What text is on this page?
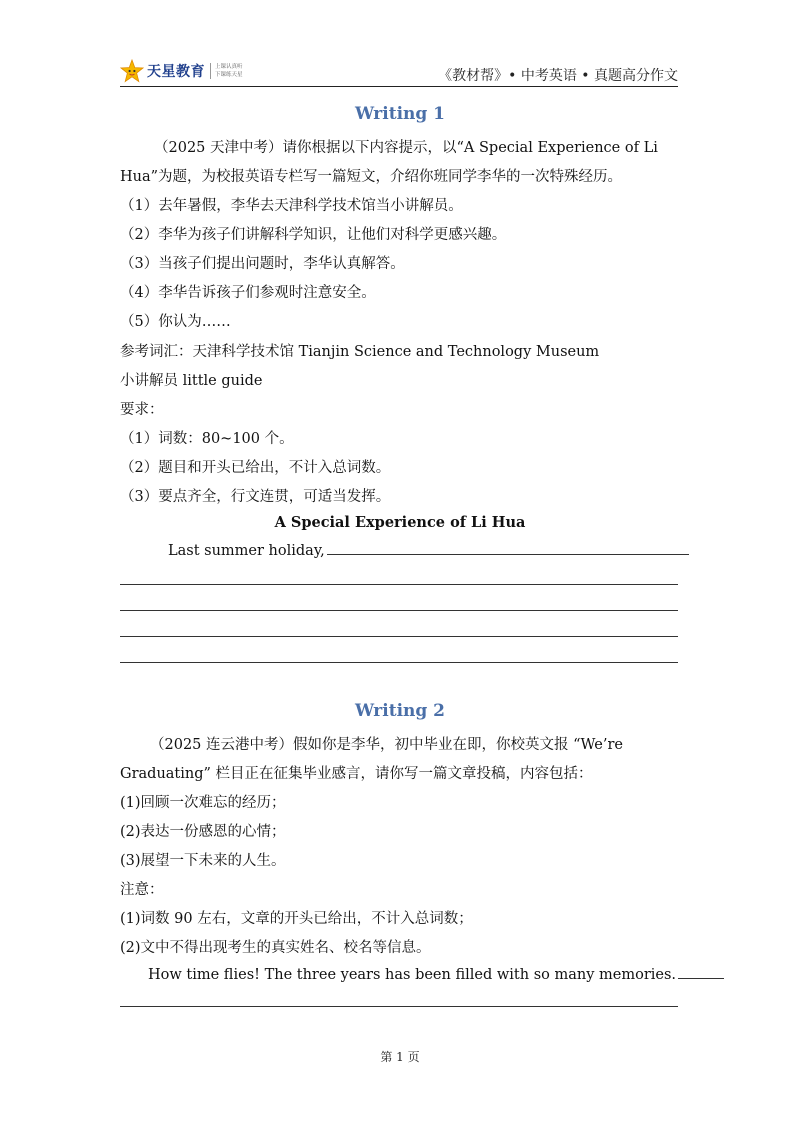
天星教育 上课认真听
下课练天星	《教材帮》• 中考英语 • 真题高分作文
Writing 1
（2025 天津中考）请你根据以下内容提示，以“A Special Experience of Li
Hua”为题，为校报英语专栏写一篇短文，介绍你班同学李华的一次特殊经历。
（1）去年暑假，李华去天津科学技术馆当小讲解员。
（2）李华为孩子们讲解科学知识，让他们对科学更感兴趣。
（3）当孩子们提出问题时，李华认真解答。
（4）李华告诉孩子们参观时注意安全。
（5）你认为……
参考词汇：天津科学技术馆 Tianjin Science and Technology Museum
小讲解员 little guide
要求：
（1）词数：80~100 个。
（2）题目和开头已给出，不计入总词数。
（3）要点齐全，行文连贯，可适当发挥。
A Special Experience of Li Hua
Last summer holiday,
Writing 2
（2025 连云港中考）假如你是李华，初中毕业在即，你校英文报 “We’re
Graduating” 栏目正在征集毕业感言，请你写一篇文章投稿，内容包括：
(1)回顾一次难忘的经历；
(2)表达一份感恩的心情；
(3)展望一下未来的人生。
注意：
(1)词数 90 左右，文章的开头已给出，不计入总词数；
(2)文中不得出现考生的真实姓名、校名等信息。
How time flies! The three years has been filled with so many memories.
第 1 页
